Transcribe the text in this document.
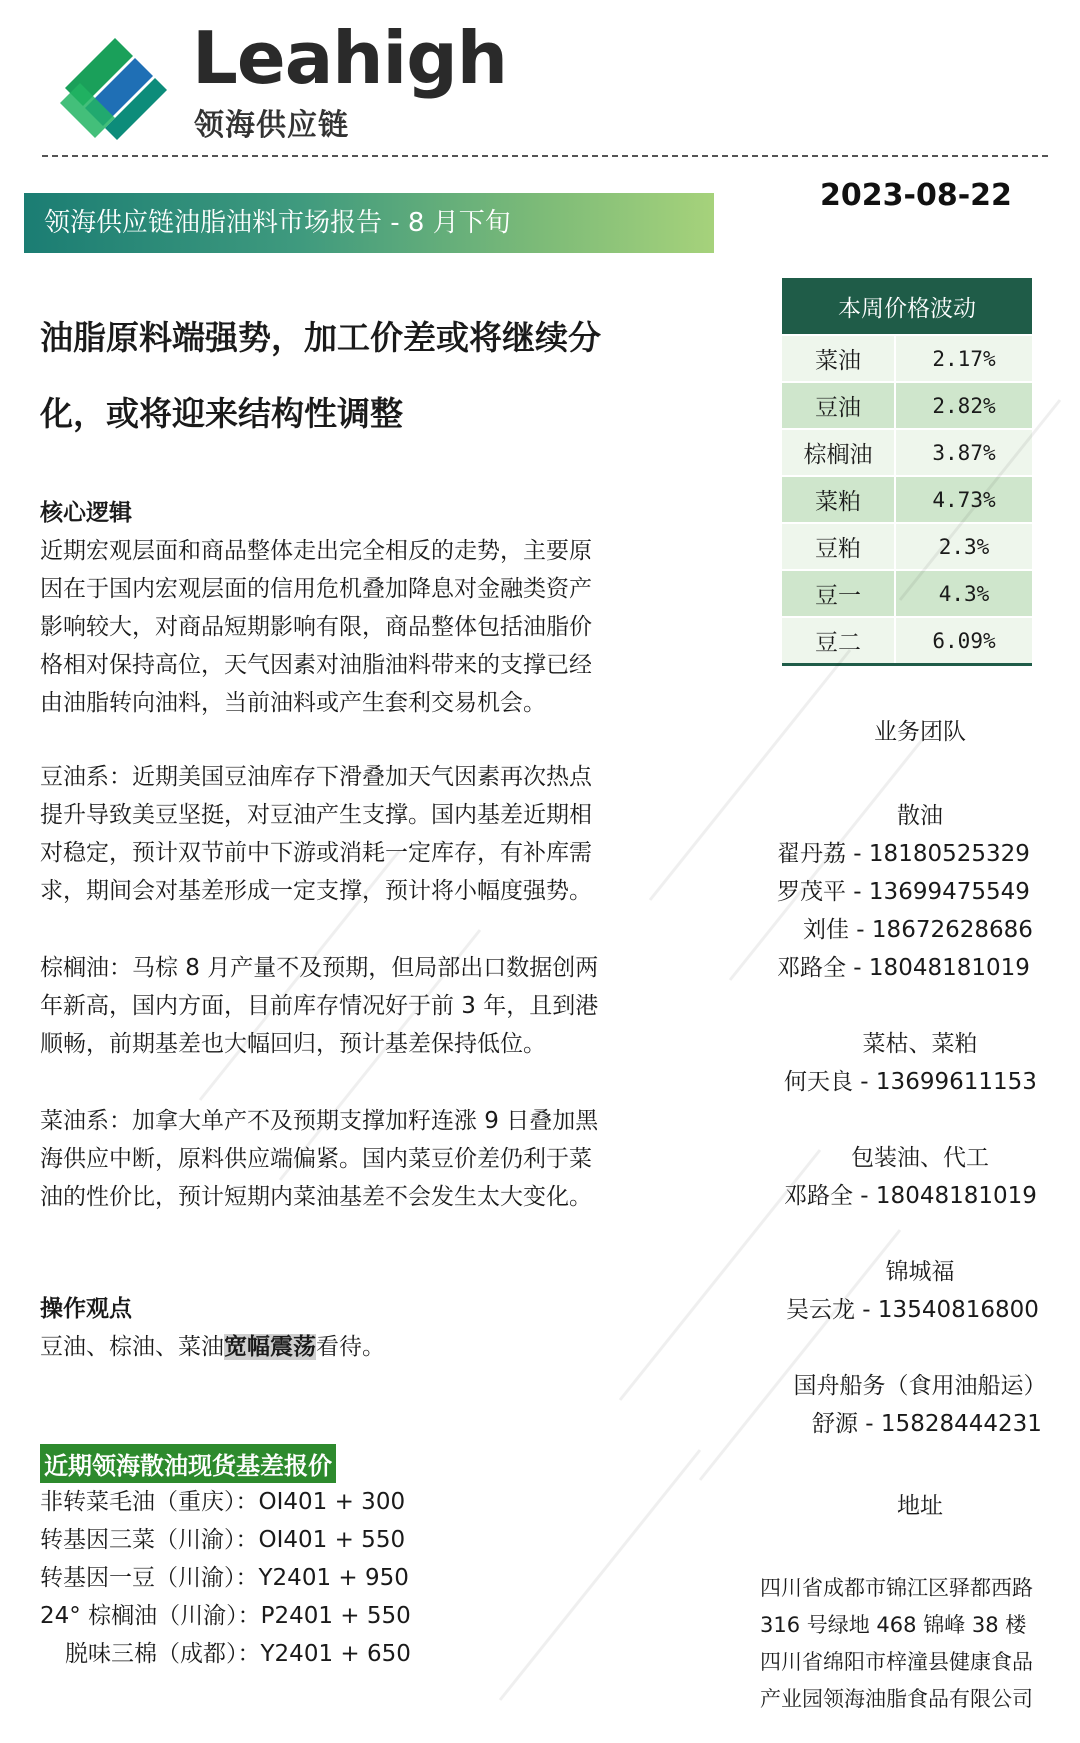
Leahigh
领海供应链
领海供应链油脂油料市场报告 - 8 月下旬
2023-08-22
油脂原料端强势，加工价差或将继续分
化，或将迎来结构性调整
核心逻辑
近期宏观层面和商品整体走出完全相反的走势，主要原
因在于国内宏观层面的信用危机叠加降息对金融类资产
影响较大，对商品短期影响有限，商品整体包括油脂价
格相对保持高位，天气因素对油脂油料带来的支撑已经
由油脂转向油料，当前油料或产生套利交易机会。
豆油系：近期美国豆油库存下滑叠加天气因素再次热点
提升导致美豆坚挺，对豆油产生支撑。国内基差近期相
对稳定，预计双节前中下游或消耗一定库存，有补库需
求，期间会对基差形成一定支撑，预计将小幅度强势。
棕榈油：马棕 8 月产量不及预期，但局部出口数据创两
年新高，国内方面，目前库存情况好于前 3 年，且到港
顺畅，前期基差也大幅回归，预计基差保持低位。
菜油系：加拿大单产不及预期支撑加籽连涨 9 日叠加黑
海供应中断，原料供应端偏紧。国内菜豆价差仍利于菜
油的性价比，预计短期内菜油基差不会发生太大变化。
操作观点
豆油、棕油、菜油宽幅震荡看待。
近期领海散油现货基差报价
非转菜毛油（重庆）：OI401 + 300
转基因三菜（川渝）：OI401 + 550
转基因一豆（川渝）：Y2401 + 950
24° 棕榈油（川渝）：P2401 + 550
脱味三棉（成都）：Y2401 + 650
本周价格波动	
菜油	2.17%
豆油	2.82%
棕榈油	3.87%
菜粕	4.73%
豆粕	2.3%
豆一	4.3%
豆二	6.09%
业务团队
散油
翟丹荔 - 18180525329
罗茂平 - 13699475549
刘佳 - 18672628686
邓路全 - 18048181019
菜枯、菜粕
何天良 - 13699611153
包装油、代工
邓路全 - 18048181019
锦城福
吴云龙 - 13540816800
国舟船务（食用油船运）
舒源 - 15828444231
地址
四川省成都市锦江区驿都西路
316 号绿地 468 锦峰 38 楼
四川省绵阳市梓潼县健康食品
产业园领海油脂食品有限公司
